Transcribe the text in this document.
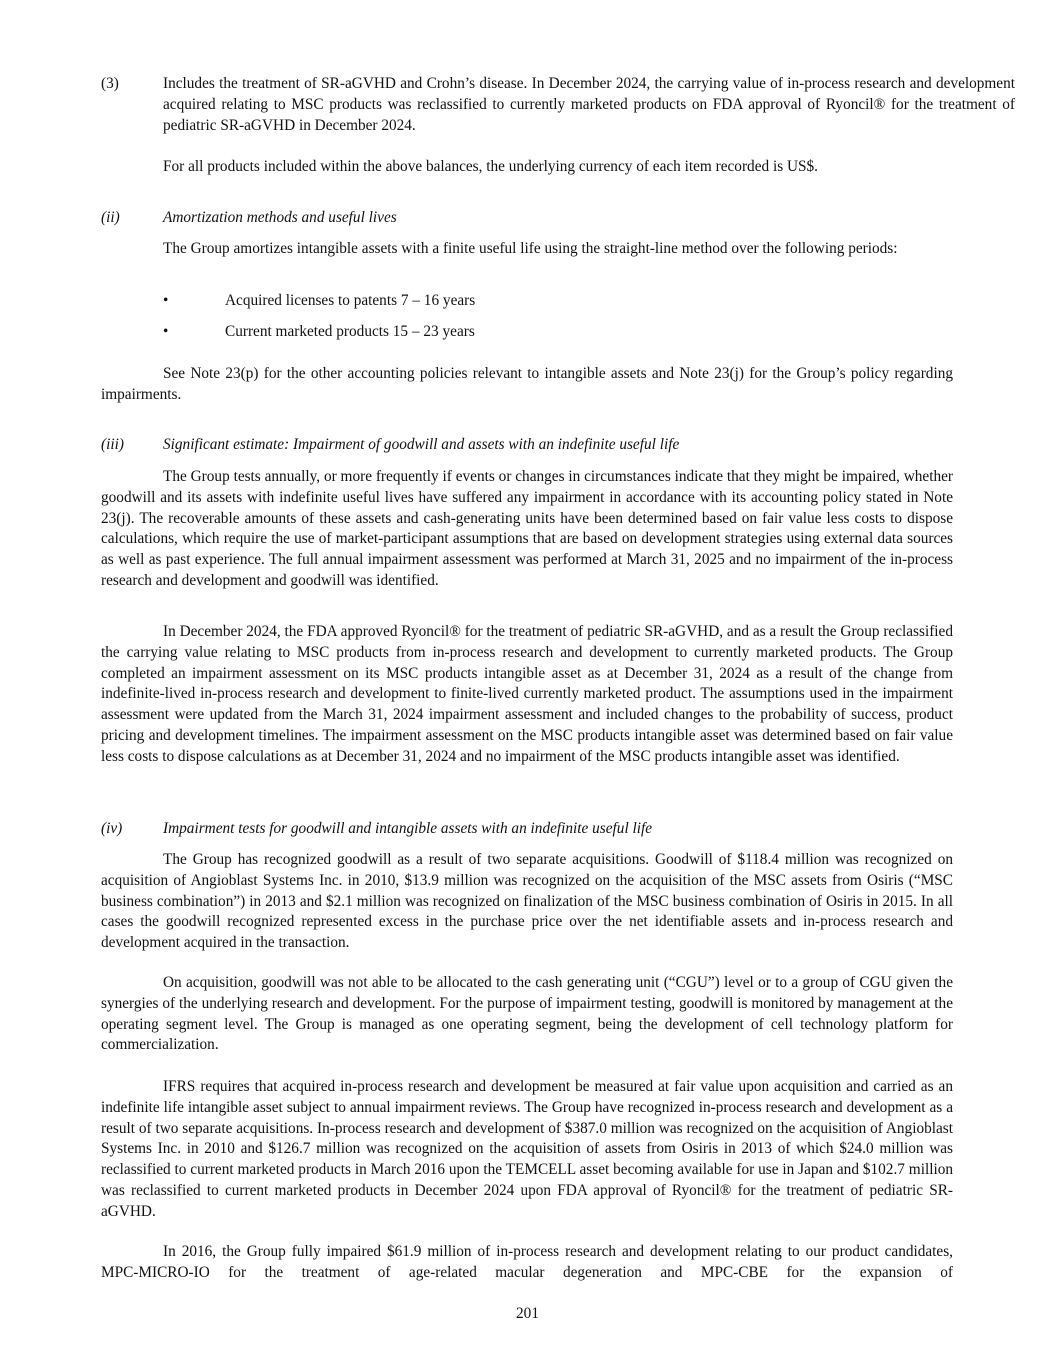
(3)	Includes the treatment of SR-aGVHD and Crohn’s disease. In December 2024, the carrying value of in-process research and development acquired relating to MSC products was reclassified to currently marketed products on FDA approval of Ryoncil® for the treatment of pediatric SR-aGVHD in December 2024.
For all products included within the above balances, the underlying currency of each item recorded is US$.
(ii)	Amortization methods and useful lives
The Group amortizes intangible assets with a finite useful life using the straight-line method over the following periods:
•	Acquired licenses to patents 7 – 16 years
•	Current marketed products 15 – 23 years
See Note 23(p) for the other accounting policies relevant to intangible assets and Note 23(j) for the Group’s policy regarding impairments.
(iii)	Significant estimate: Impairment of goodwill and assets with an indefinite useful life
The Group tests annually, or more frequently if events or changes in circumstances indicate that they might be impaired, whether goodwill and its assets with indefinite useful lives have suffered any impairment in accordance with its accounting policy stated in Note 23(j). The recoverable amounts of these assets and cash-generating units have been determined based on fair value less costs to dispose calculations, which require the use of market-participant assumptions that are based on development strategies using external data sources as well as past experience. The full annual impairment assessment was performed at March 31, 2025 and no impairment of the in-process research and development and goodwill was identified.
In December 2024, the FDA approved Ryoncil® for the treatment of pediatric SR-aGVHD, and as a result the Group reclassified the carrying value relating to MSC products from in-process research and development to currently marketed products. The Group completed an impairment assessment on its MSC products intangible asset as at December 31, 2024 as a result of the change from indefinite-lived in-process research and development to finite-lived currently marketed product. The assumptions used in the impairment assessment were updated from the March 31, 2024 impairment assessment and included changes to the probability of success, product pricing and development timelines. The impairment assessment on the MSC products intangible asset was determined based on fair value less costs to dispose calculations as at December 31, 2024 and no impairment of the MSC products intangible asset was identified.
(iv)	Impairment tests for goodwill and intangible assets with an indefinite useful life
The Group has recognized goodwill as a result of two separate acquisitions. Goodwill of $118.4 million was recognized on acquisition of Angioblast Systems Inc. in 2010, $13.9 million was recognized on the acquisition of the MSC assets from Osiris (“MSC business combination”) in 2013 and $2.1 million was recognized on finalization of the MSC business combination of Osiris in 2015. In all cases the goodwill recognized represented excess in the purchase price over the net identifiable assets and in-process research and development acquired in the transaction.
On acquisition, goodwill was not able to be allocated to the cash generating unit (“CGU”) level or to a group of CGU given the synergies of the underlying research and development. For the purpose of impairment testing, goodwill is monitored by management at the operating segment level. The Group is managed as one operating segment, being the development of cell technology platform for commercialization.
IFRS requires that acquired in-process research and development be measured at fair value upon acquisition and carried as an indefinite life intangible asset subject to annual impairment reviews. The Group have recognized in-process research and development as a result of two separate acquisitions. In-process research and development of $387.0 million was recognized on the acquisition of Angioblast Systems Inc. in 2010 and $126.7 million was recognized on the acquisition of assets from Osiris in 2013 of which $24.0 million was reclassified to current marketed products in March 2016 upon the TEMCELL asset becoming available for use in Japan and $102.7 million was reclassified to current marketed products in December 2024 upon FDA approval of Ryoncil® for the treatment of pediatric SR-aGVHD.
In 2016, the Group fully impaired $61.9 million of in-process research and development relating to our product candidates, MPC-MICRO-IO for the treatment of age-related macular degeneration and MPC-CBE for the expansion of
201
